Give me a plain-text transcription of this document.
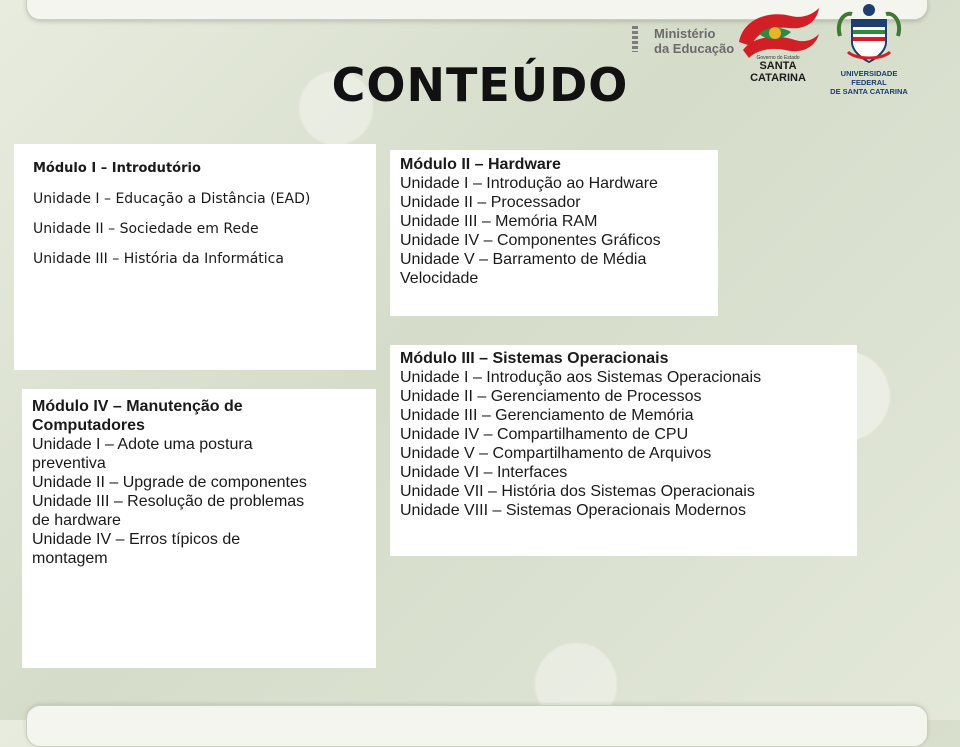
Ministério
da Educação
Governo do Estado
SANTA CATARINA	UNIVERSIDADE FEDERAL
DE SANTA CATARINA
CONTEÚDO
Módulo I – Introdutório
Unidade I – Educação a Distância (EAD)
Unidade II – Sociedade em Rede
Unidade III – História da Informática
Módulo II – Hardware
Unidade I – Introdução ao Hardware
Unidade II – Processador
Unidade III – Memória RAM
Unidade IV – Componentes Gráficos
Unidade V – Barramento de Média
Velocidade
Módulo III – Sistemas Operacionais
Unidade I – Introdução aos Sistemas Operacionais
Unidade II – Gerenciamento de Processos
Unidade III – Gerenciamento de Memória
Unidade IV – Compartilhamento de CPU
Unidade V – Compartilhamento de Arquivos
Unidade VI – Interfaces
Unidade VII – História dos Sistemas Operacionais
Unidade VIII – Sistemas Operacionais Modernos
Módulo IV – Manutenção de
Computadores
Unidade I – Adote uma postura
preventiva
Unidade II – Upgrade de componentes
Unidade III – Resolução de problemas
de hardware
Unidade IV – Erros típicos de
montagem
